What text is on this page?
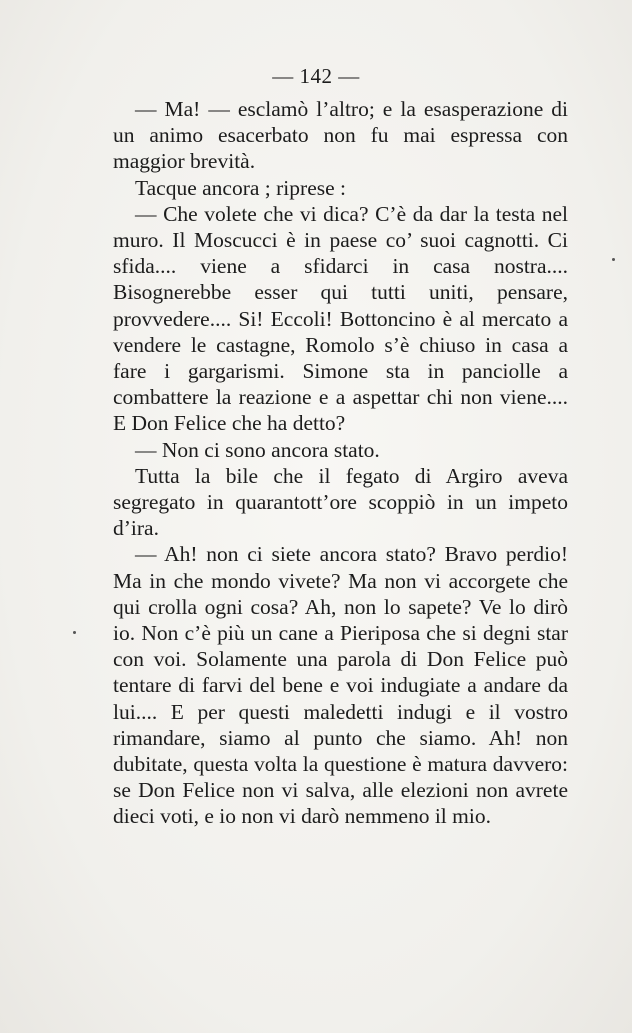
— 142 —

— Ma! — esclamò l’altro; e la esasperazione di un animo esacerbato non fu mai espressa con maggior brevità.

Tacque ancora ; riprese :

— Che volete che vi dica? C’è da dar la testa nel muro. Il Moscucci è in paese co’ suoi cagnotti. Ci sfida.... viene a sfidarci in casa nostra.... Bisognerebbe esser qui tutti uniti, pensare, provvedere.... Si! Eccoli! Bottoncino è al mercato a vendere le castagne, Romolo s’è chiuso in casa a fare i gargarismi. Simone sta in panciolle a combattere la reazione e a aspettar chi non viene.... E Don Felice che ha detto?

— Non ci sono ancora stato.

Tutta la bile che il fegato di Argiro aveva segregato in quarantott’ore scoppiò in un impeto d’ira.

— Ah! non ci siete ancora stato? Bravo perdio! Ma in che mondo vivete? Ma non vi accorgete che qui crolla ogni cosa? Ah, non lo sapete? Ve lo dirò io. Non c’è più un cane a Pieriposa che si degni star con voi. Solamente una parola di Don Felice può tentare di farvi del bene e voi indugiate a andare da lui.... E per questi maledetti indugi e il vostro rimandare, siamo al punto che siamo. Ah! non dubitate, questa volta la questione è matura davvero: se Don Felice non vi salva, alle elezioni non avrete dieci voti, e io non vi darò nemmeno il mio.
